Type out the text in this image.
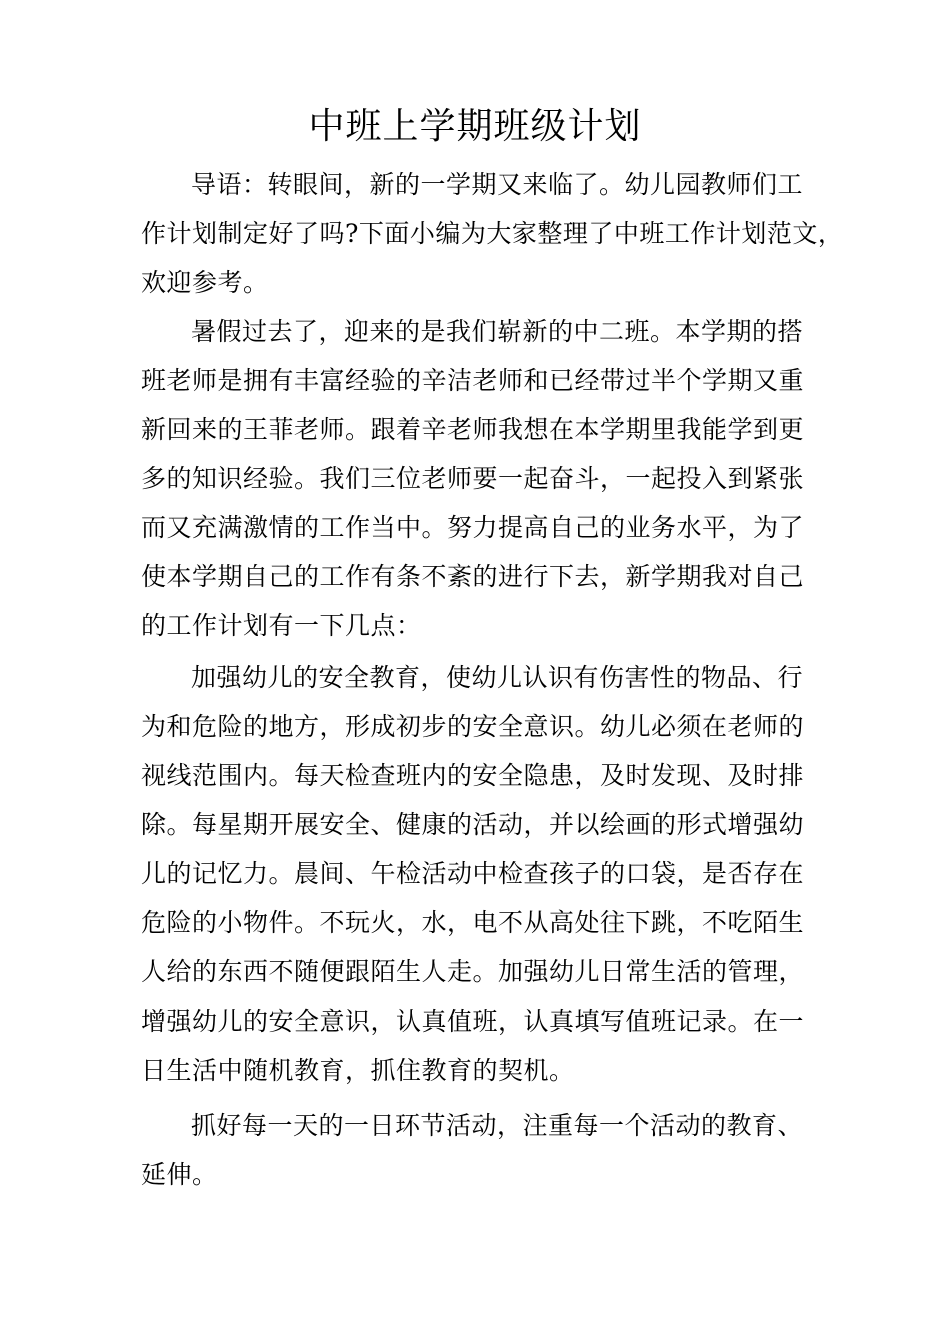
中班上学期班级计划
导语：转眼间，新的一学期又来临了。幼儿园教师们工
作计划制定好了吗?下面小编为大家整理了中班工作计划范文，
欢迎参考。
暑假过去了，迎来的是我们崭新的中二班。本学期的搭
班老师是拥有丰富经验的辛洁老师和已经带过半个学期又重
新回来的王菲老师。跟着辛老师我想在本学期里我能学到更
多的知识经验。我们三位老师要一起奋斗，一起投入到紧张
而又充满激情的工作当中。努力提高自己的业务水平，为了
使本学期自己的工作有条不紊的进行下去，新学期我对自己
的工作计划有一下几点：
加强幼儿的安全教育，使幼儿认识有伤害性的物品、行
为和危险的地方，形成初步的安全意识。幼儿必须在老师的
视线范围内。每天检查班内的安全隐患，及时发现、及时排
除。每星期开展安全、健康的活动，并以绘画的形式增强幼
儿的记忆力。晨间、午检活动中检查孩子的口袋，是否存在
危险的小物件。不玩火，水，电不从高处往下跳，不吃陌生
人给的东西不随便跟陌生人走。加强幼儿日常生活的管理，
增强幼儿的安全意识，认真值班，认真填写值班记录。在一
日生活中随机教育，抓住教育的契机。
抓好每一天的一日环节活动，注重每一个活动的教育、
延伸。
